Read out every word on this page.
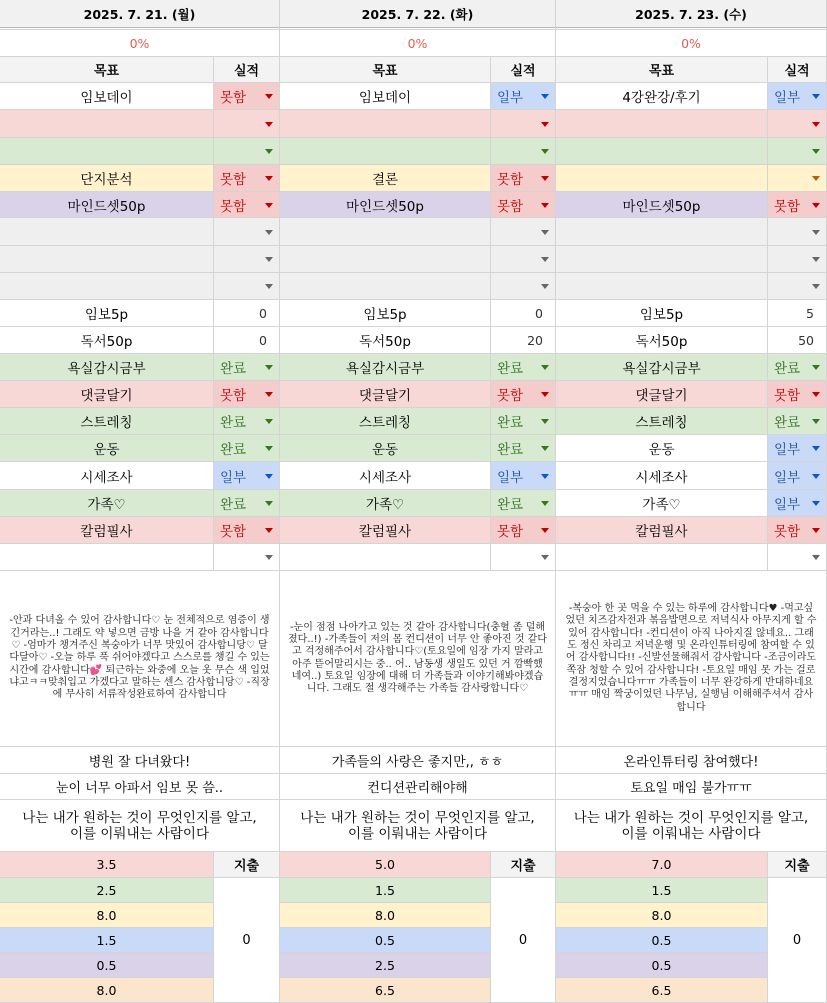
2025. 7. 21. (월)
0%
목표	실적
임보데이	못함
단지분석	못함
마인드셋50p	못함
임보5p	0
독서50p	0
욕실감시금부	완료
댓글달기	못함
스트레칭	완료
운동	완료
시세조사	일부
가족♡	완료
칼럼필사	못함
-안과 다녀올 수 있어 감사합니다♡ 눈 전체적으로 염증이 생긴거라는..! 그래도 약 넣으면 금방 나을 거 같아 감사합니다♡ -엄마가 챙겨주신 복숭아가 너무 맛있어 감사합니당♡ 달다달아♡ -오늘 하루 푹 쉬어야겠다고 스스로를 챙길 수 있는 시간에 감사합니다💕 퇴근하는 와중에 오늘 옷 무슨 색 입었냐고ㅋㅋ맞춰입고 가겠다고 말하는 센스 감사합니당♡ -직장에 무사히 서류작성완료하여 감사합니다
병원 잘 다녀왔다!
눈이 너무 아파서 임보 못 씀..
나는 내가 원하는 것이 무엇인지를 알고, 이를 이뤄내는 사람이다
3.5
2.5
8.0
1.5
0.5
8.0
지출
0
2025. 7. 22. (화)
0%
목표	실적
임보데이	일부
결론	못함
마인드셋50p	못함
임보5p	0
독서50p	20
욕실감시금부	완료
댓글달기	못함
스트레칭	완료
운동	완료
시세조사	일부
가족♡	완료
칼럼필사	못함
-눈이 점점 나아가고 있는 것 같아 감사합니다(충혈 좀 덜해졌다..!) -가족들이 저의 몸 컨디션이 너무 안 좋아진 것 같다고 걱정해주어서 감사합니다♡(토요일에 임장 가지 말라고 아주 뜯어말리시는 중.. 어.. 남동생 생일도 있던 거 깜빡했네여..) 토요일 임장에 대해 더 가족들과 이야기해봐야겠습니다. 그래도 절 생각해주는 가족들 감사랑합니다♡
가족들의 사랑은 좋지만,, ㅎㅎ
컨디션관리해야해
나는 내가 원하는 것이 무엇인지를 알고, 이를 이뤄내는 사람이다
5.0
1.5
8.0
0.5
2.5
6.5
지출
0
2025. 7. 23. (수)
0%
목표	실적
4강완강/후기	일부
마인드셋50p	못함
임보5p	5
독서50p	50
욕실감시금부	완료
댓글달기	못함
스트레칭	완료
운동	일부
시세조사	일부
가족♡	일부
칼럼필사	못함
-복숭아 한 곳 먹을 수 있는 하루에 감사합니다♥ -먹고싶었던 치즈감자전과 볶음밥면으로 저녁식사 아무지게 할 수 있어 감사합니다! -컨디션이 아직 나아지질 않네요.. 그래도 정신 차리고 저녁운행 및 온라인튜터링에 참여할 수 있어 감사합니다!! -신발선물해줘서 감사합니다 -조금이라도 쪽잠 청할 수 있어 감사합니다! -토요일 매임 못 가는 걸로 결정지었습니다ㅠㅠ 가족들이 너무 완강하게 반대하네요ㅠㅠ 매임 짝궁이었던 나무님, 실행님 이해해주셔서 감사합니다
온라인튜터링 참여했다!
토요일 매임 불가ㅠㅠ
나는 내가 원하는 것이 무엇인지를 알고, 이를 이뤄내는 사람이다
7.0
1.5
8.0
0.5
0.5
6.5
지출
0
